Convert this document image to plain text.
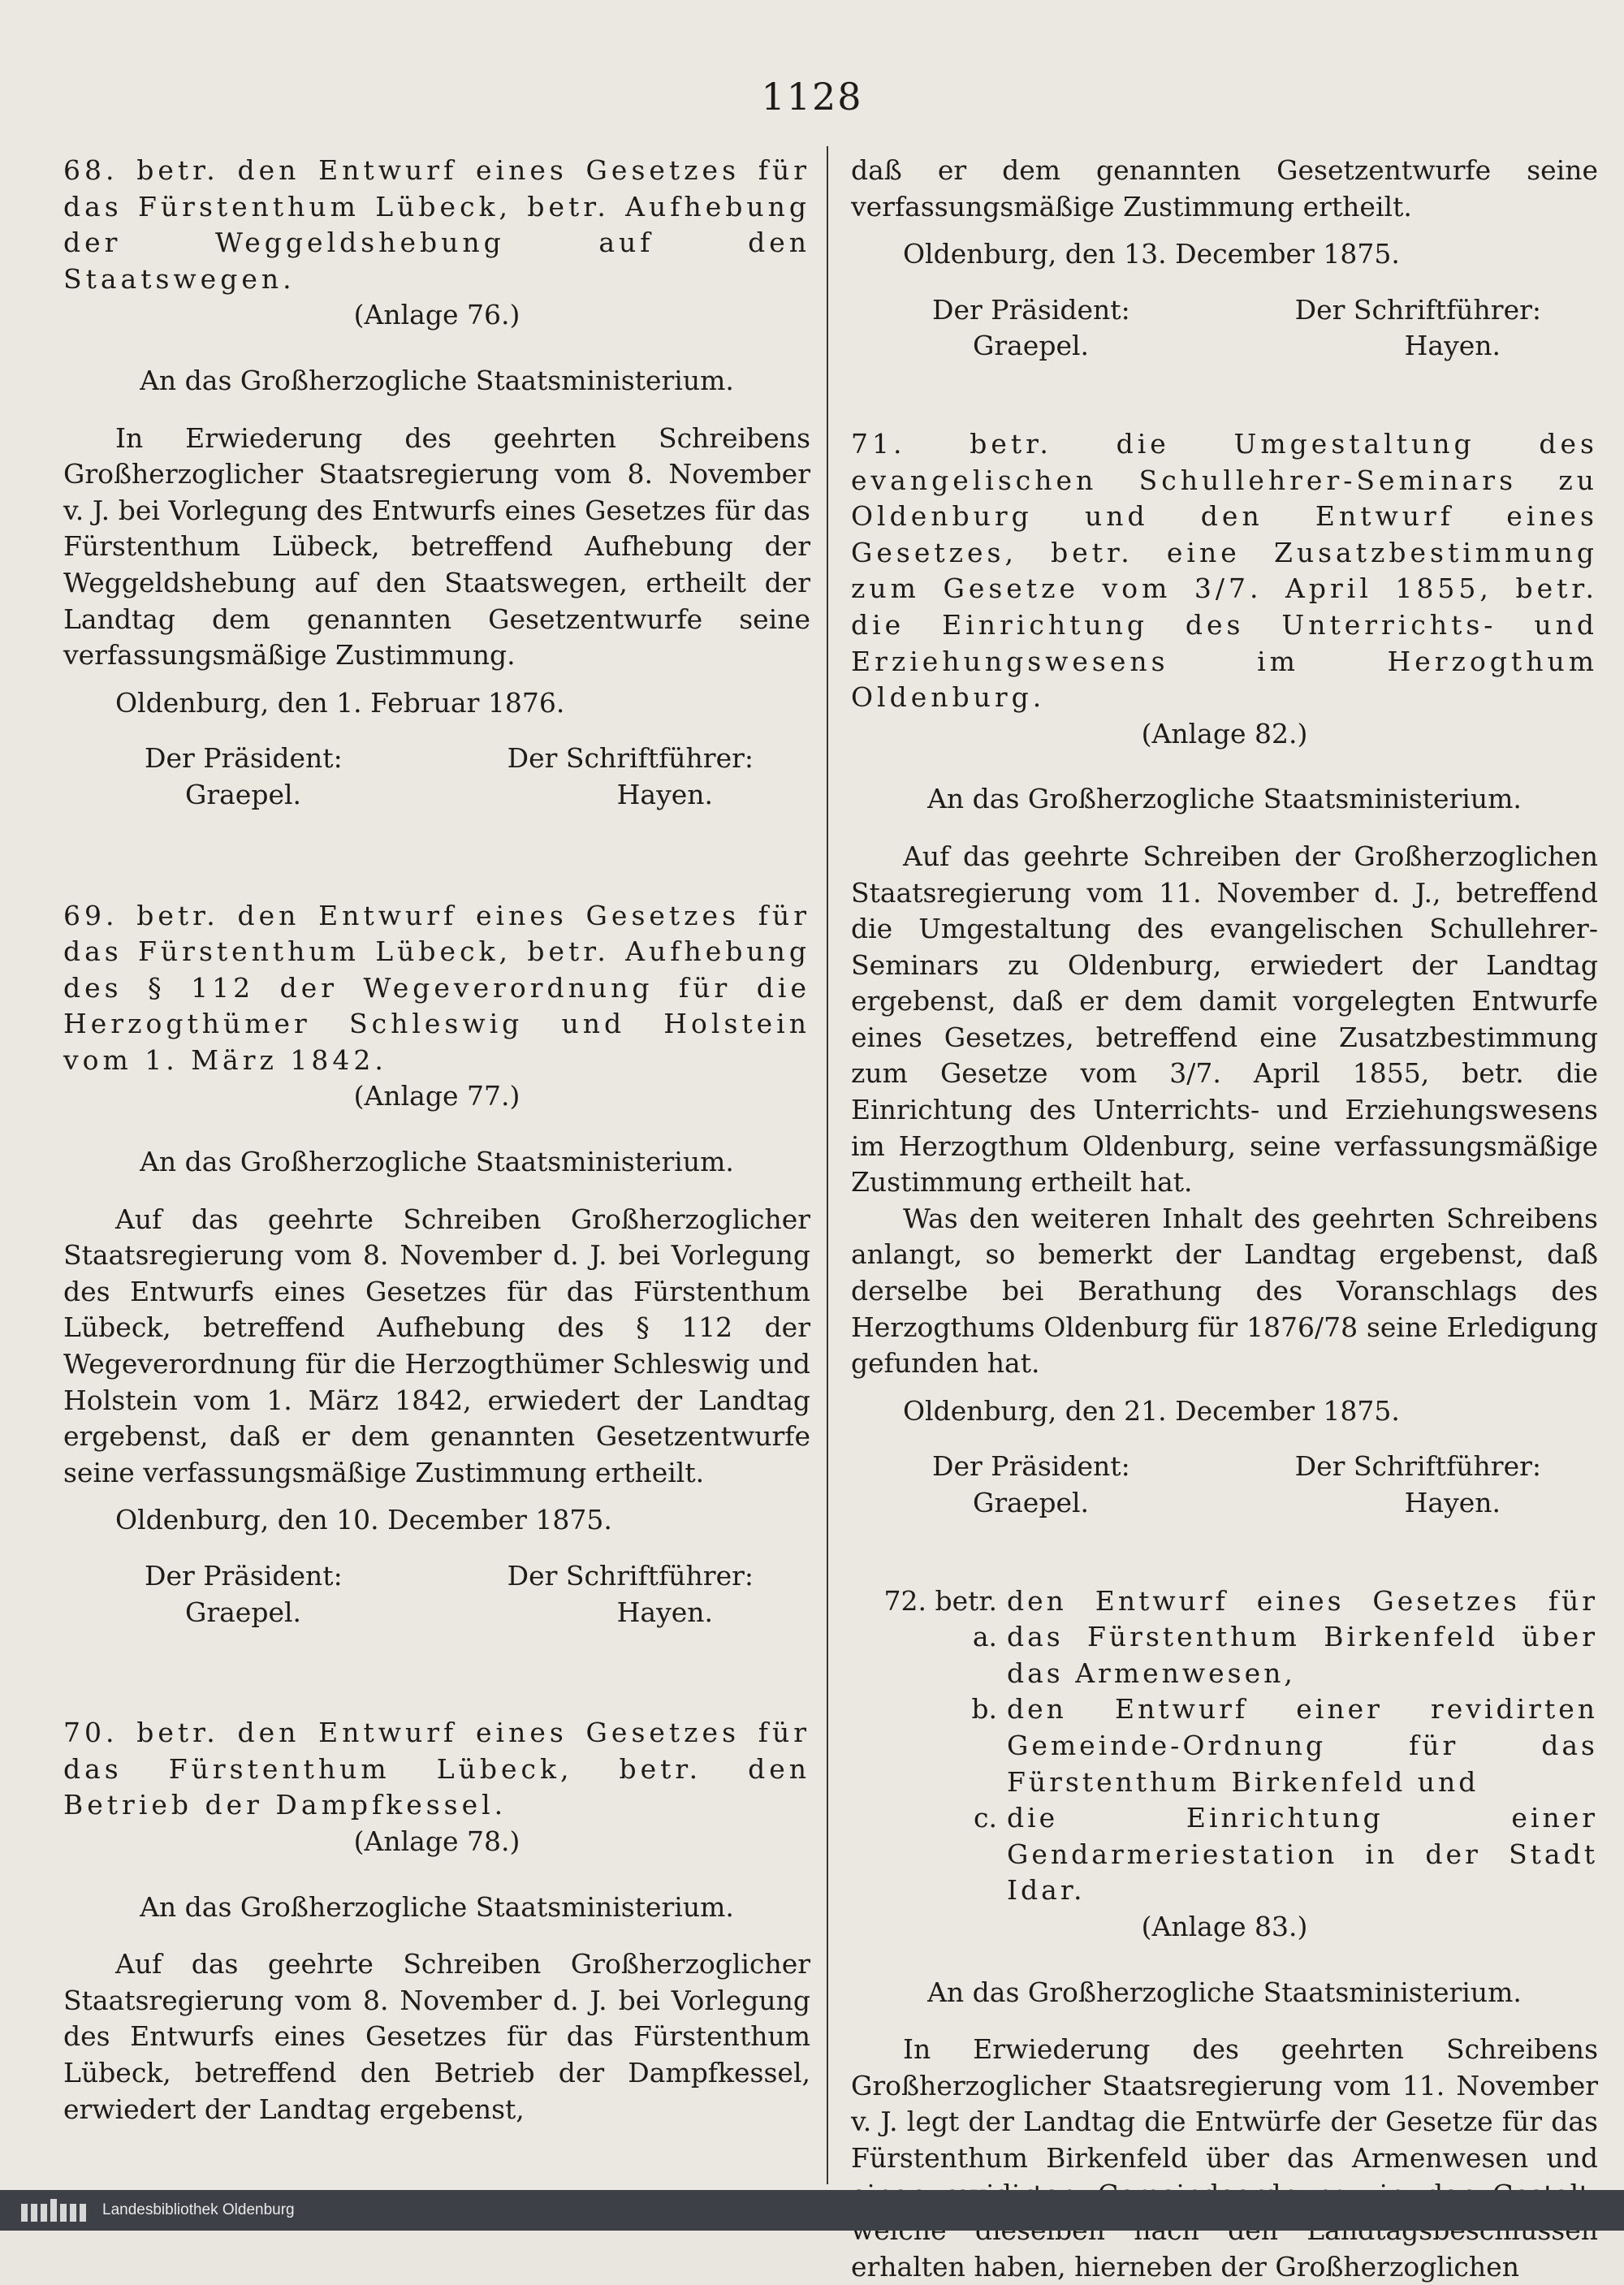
1128

68. betr. den Entwurf eines Gesetzes für das Fürstenthum Lübeck, betr. Aufhebung der Weggeldshebung auf den Staatswegen.

(Anlage 76.)

An das Großherzogliche Staatsministerium.

In Erwiederung des geehrten Schreibens Großherzoglicher Staatsregierung vom 8. November v. J. bei Vorlegung des Entwurfs eines Gesetzes für das Fürstenthum Lübeck, betreffend Aufhebung der Weggeldshebung auf den Staatswegen, ertheilt der Landtag dem genannten Gesetzentwurfe seine verfassungsmäßige Zustimmung.

Oldenburg, den 1. Februar 1876.

Der Präsident:	Der Schriftführer:
Graepel.	Hayen.

69. betr. den Entwurf eines Gesetzes für das Fürstenthum Lübeck, betr. Aufhebung des § 112 der Wegeverordnung für die Herzogthümer Schleswig und Holstein vom 1. März 1842.

(Anlage 77.)

An das Großherzogliche Staatsministerium.

Auf das geehrte Schreiben Großherzoglicher Staatsregierung vom 8. November d. J. bei Vorlegung des Entwurfs eines Gesetzes für das Fürstenthum Lübeck, betreffend Aufhebung des § 112 der Wegeverordnung für die Herzogthümer Schleswig und Holstein vom 1. März 1842, erwiedert der Landtag ergebenst, daß er dem genannten Gesetzentwurfe seine verfassungsmäßige Zustimmung ertheilt.

Oldenburg, den 10. December 1875.

Der Präsident:	Der Schriftführer:
Graepel.	Hayen.

70. betr. den Entwurf eines Gesetzes für das Fürstenthum Lübeck, betr. den Betrieb der Dampfkessel.

(Anlage 78.)

An das Großherzogliche Staatsministerium.

Auf das geehrte Schreiben Großherzoglicher Staatsregierung vom 8. November d. J. bei Vorlegung des Entwurfs eines Gesetzes für das Fürstenthum Lübeck, betreffend den Betrieb der Dampfkessel, erwiedert der Landtag ergebenst,

daß er dem genannten Gesetzentwurfe seine verfassungsmäßige Zustimmung ertheilt.

Oldenburg, den 13. December 1875.

Der Präsident:	Der Schriftführer:
Graepel.	Hayen.

71. betr. die Umgestaltung des evangelischen Schullehrer-Seminars zu Oldenburg und den Entwurf eines Gesetzes, betr. eine Zusatzbestimmung zum Gesetze vom 3/7. April 1855, betr. die Einrichtung des Unterrichts- und Erziehungswesens im Herzogthum Oldenburg.

(Anlage 82.)

An das Großherzogliche Staatsministerium.

Auf das geehrte Schreiben der Großherzoglichen Staatsregierung vom 11. November d. J., betreffend die Umgestaltung des evangelischen Schullehrer-Seminars zu Oldenburg, erwiedert der Landtag ergebenst, daß er dem damit vorgelegten Entwurfe eines Gesetzes, betreffend eine Zusatzbestimmung zum Gesetze vom 3/7. April 1855, betr. die Einrichtung des Unterrichts- und Erziehungswesens im Herzogthum Oldenburg, seine verfassungsmäßige Zustimmung ertheilt hat.

Was den weiteren Inhalt des geehrten Schreibens anlangt, so bemerkt der Landtag ergebenst, daß derselbe bei Berathung des Voranschlags des Herzogthums Oldenburg für 1876/78 seine Erledigung gefunden hat.

Oldenburg, den 21. December 1875.

Der Präsident:	Der Schriftführer:
Graepel.	Hayen.
72. betr. a.
den Entwurf eines Gesetzes für das Fürstenthum Birkenfeld über das Armenwesen,
b. den Entwurf einer revidirten Gemeinde-Ordnung für das Fürstenthum Birkenfeld und
c. die Einrichtung einer Gendarmeriestation in der Stadt Idar.

(Anlage 83.)

An das Großherzogliche Staatsministerium.

In Erwiederung des geehrten Schreibens Großherzoglicher Staatsregierung vom 11. November v. J. legt der Landtag die Entwürfe der Gesetze für das Fürstenthum Birkenfeld über das Armenwesen und erhalten haben, hierneben der Großherzoglichen

Landesbibliothek Oldenburg
